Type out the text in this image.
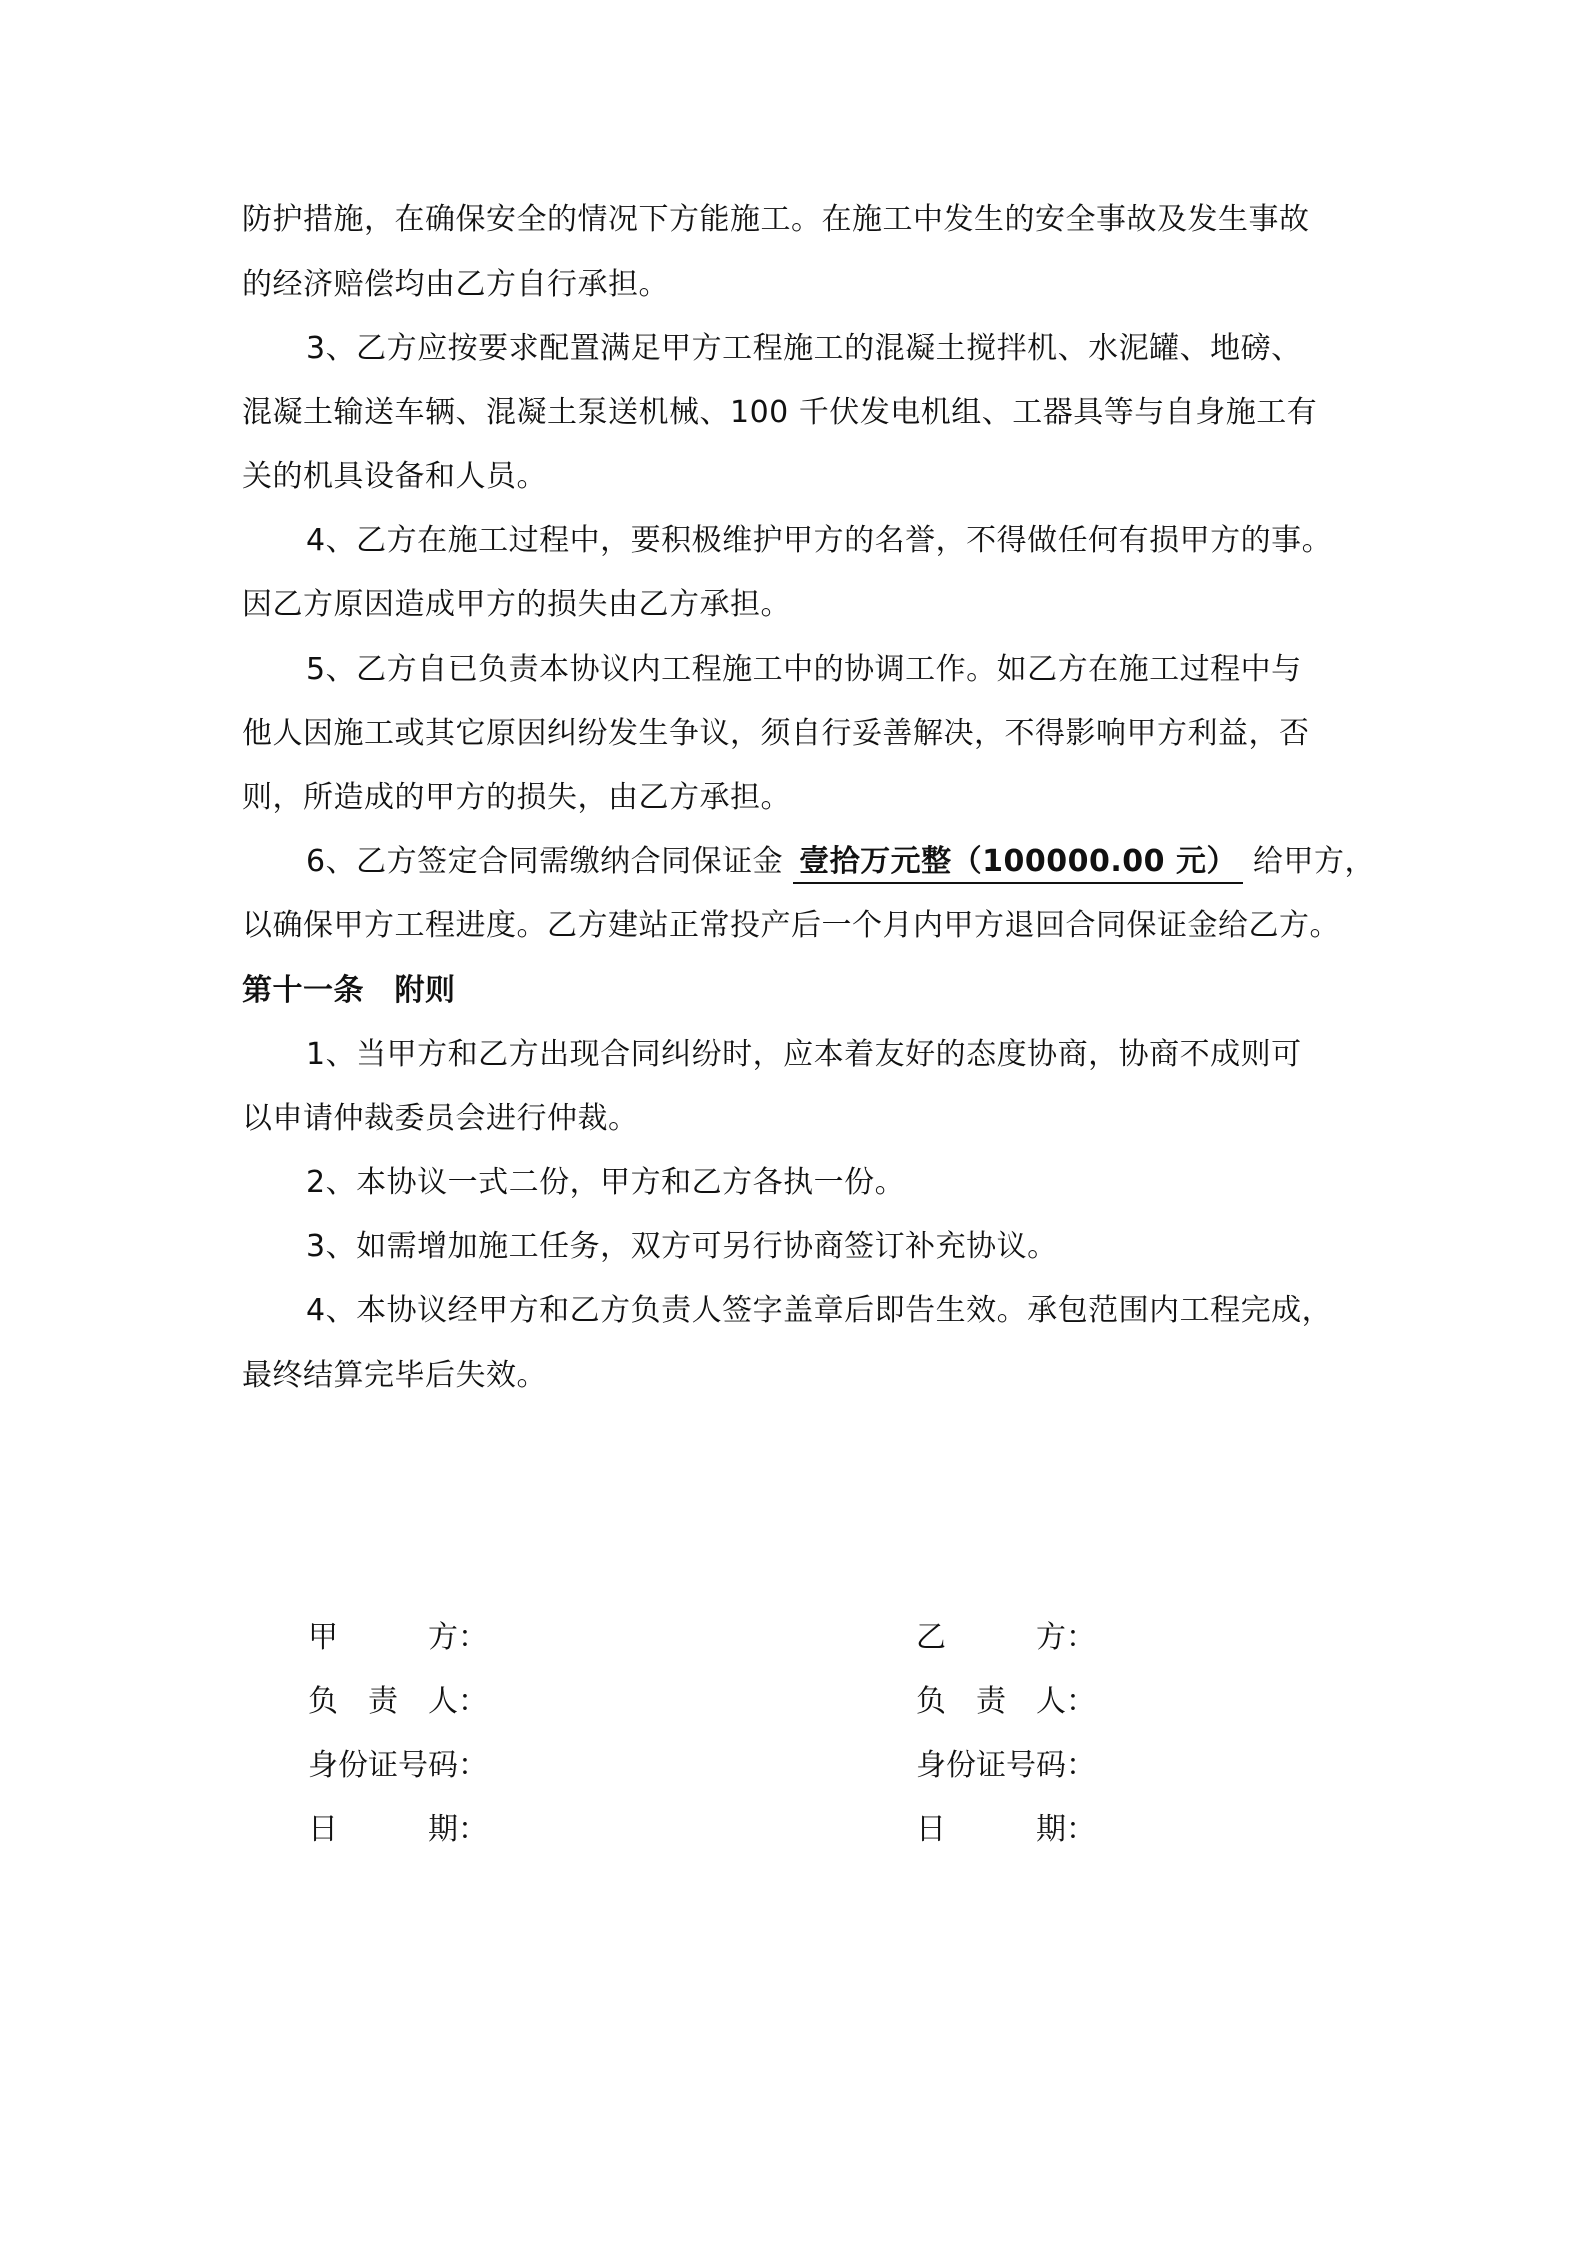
防护措施，在确保安全的情况下方能施工。在施工中发生的安全事故及发生事故
的经济赔偿均由乙方自行承担。
3、乙方应按要求配置满足甲方工程施工的混凝土搅拌机、水泥罐、地磅、
混凝土输送车辆、混凝土泵送机械、100 千伏发电机组、工器具等与自身施工有
关的机具设备和人员。
4、乙方在施工过程中，要积极维护甲方的名誉，不得做任何有损甲方的事。
因乙方原因造成甲方的损失由乙方承担。
5、乙方自已负责本协议内工程施工中的协调工作。如乙方在施工过程中与
他人因施工或其它原因纠纷发生争议，须自行妥善解决，不得影响甲方利益，否
则，所造成的甲方的损失，由乙方承担。
6、乙方签定合同需缴纳合同保证金 壹拾万元整（100000.00 元） 给甲方，
以确保甲方工程进度。乙方建站正常投产后一个月内甲方退回合同保证金给乙方。
第十一条　附则
1、当甲方和乙方出现合同纠纷时，应本着友好的态度协商，协商不成则可
以申请仲裁委员会进行仲裁。
2、本协议一式二份，甲方和乙方各执一份。
3、如需增加施工任务，双方可另行协商签订补充协议。
4、本协议经甲方和乙方负责人签字盖章后即告生效。承包范围内工程完成，
最终结算完毕后失效。
甲　　　方：
负　责　人：
身份证号码：
日　　　期：
乙　　　方：
负　责　人：
身份证号码：
日　　　期：
